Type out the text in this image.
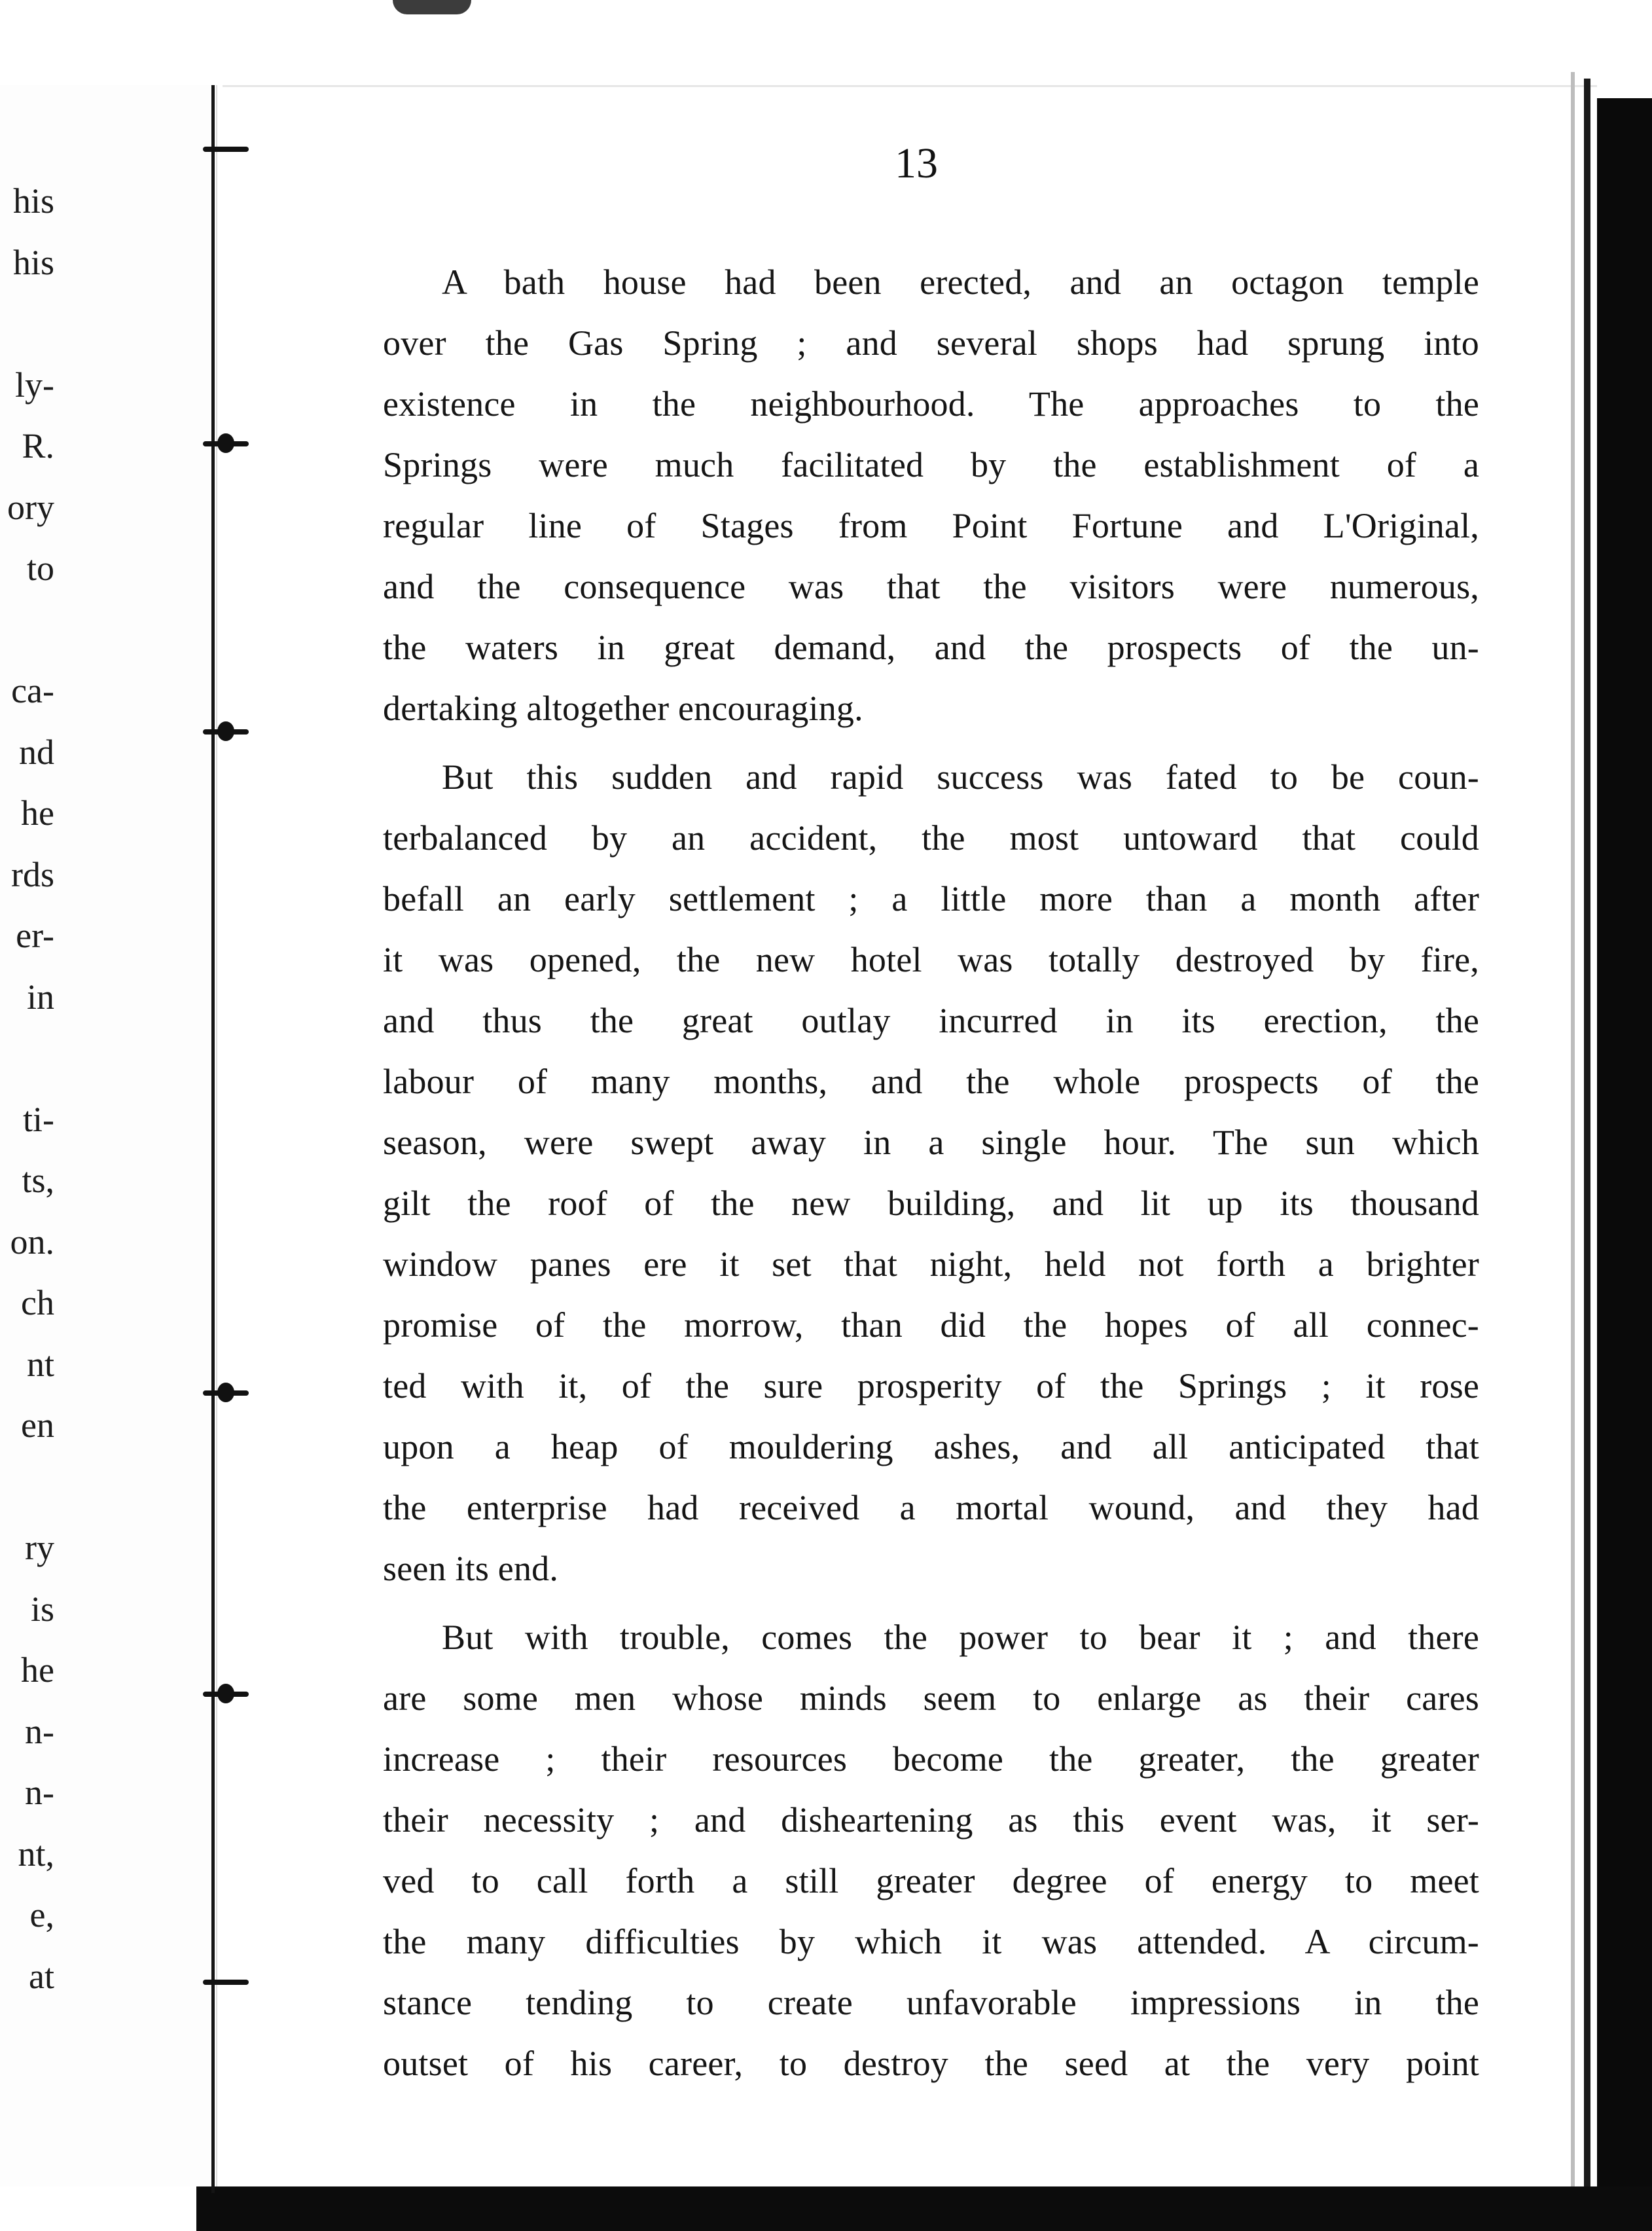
his
his
ly-
R.
ory
to
ca-
nd
he
rds
er-
in
ti-
ts,
on.
ch
nt
en
ry
is
he
n-
n-
nt,
e,
at
13
A bath house had been erected, and an octagon temple
over the Gas Spring ; and several shops had sprung into
existence in the neighbourhood. The approaches to the
Springs were much facilitated by the establishment of a
regular line of Stages from Point Fortune and L'Original,
and the consequence was that the visitors were numerous,
the waters in great demand, and the prospects of the un-
dertaking altogether encouraging.
But this sudden and rapid success was fated to be coun-
terbalanced by an accident, the most untoward that could
befall an early settlement ; a little more than a month after
it was opened, the new hotel was totally destroyed by fire,
and thus the great outlay incurred in its erection, the
labour of many months, and the whole prospects of the
season, were swept away in a single hour. The sun which
gilt the roof of the new building, and lit up its thousand
window panes ere it set that night, held not forth a brighter
promise of the morrow, than did the hopes of all connec-
ted with it, of the sure prosperity of the Springs ; it rose
upon a heap of mouldering ashes, and all anticipated that
the enterprise had received a mortal wound, and they had
seen its end.
But with trouble, comes the power to bear it ; and there
are some men whose minds seem to enlarge as their cares
increase ; their resources become the greater, the greater
their necessity ; and disheartening as this event was, it ser-
ved to call forth a still greater degree of energy to meet
the many difficulties by which it was attended. A circum-
stance tending to create unfavorable impressions in the
outset of his career, to destroy the seed at the very point
